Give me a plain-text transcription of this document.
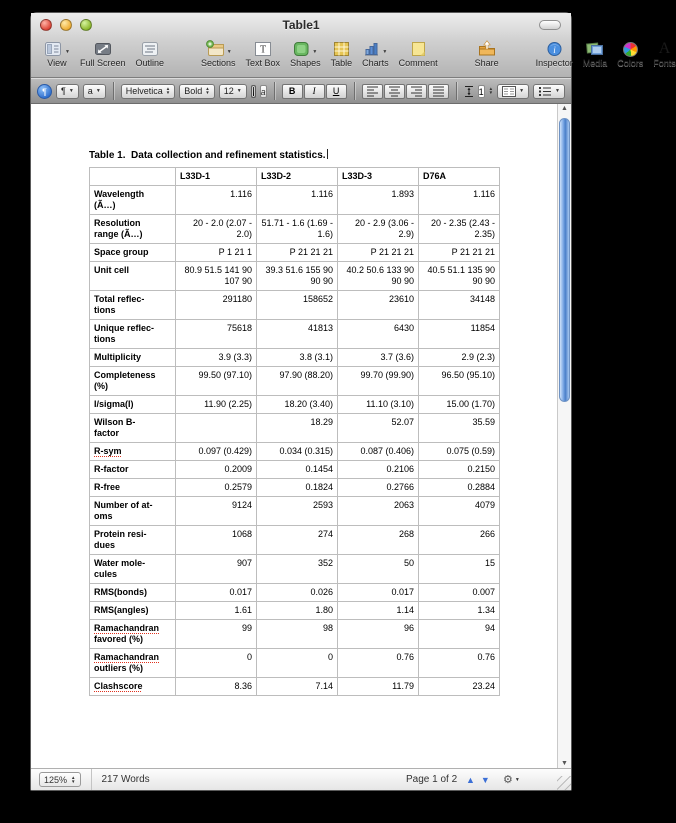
Table1
▼
View Full Screen Outline
▼
Sections
T
Text Box
▼
Shapes Table
▼
Charts Comment	Share
i
Inspector Media Colors
A
Fonts
¶	¶ ▼ a ▼	Helvetica ▲
▼ Bold ▲
▼ 12 ▼ a	B	I	U	1 ▲
▼	▼	▼
Table 1.  Data collection and refinement statistics.
	L33D-1	L33D-2	L33D-3	D76A

Wavelength
(Ã…)	1.116	1.116	1.893	1.116

Resolution
range (Ã…)	20 - 2.0 (2.07 - 2.0)	51.71 - 1.6 (1.69 - 1.6)	20 - 2.9 (3.06 - 2.9)	20 - 2.35 (2.43 - 2.35)

Space group	P 1 21 1	P 21 21 21	P 21 21 21	P 21 21 21

Unit cell	80.9 51.5 141 90 107 90	39.3 51.6 155 90 90 90	40.2 50.6 133 90 90 90	40.5 51.1 135 90 90 90

Total reflec-
tions	291180	158652	23610	34148

Unique reflec-
tions	75618	41813	6430	11854

Multiplicity	3.9 (3.3)	3.8 (3.1)	3.7 (3.6)	2.9 (2.3)

Completeness
(%)	99.50 (97.10)	97.90 (88.20)	99.70 (99.90)	96.50 (95.10)

I/sigma(I)	11.90 (2.25)	18.20 (3.40)	11.10 (3.10)	15.00 (1.70)

Wilson B-
factor		18.29	52.07	35.59

R-sym	0.097 (0.429)	0.034 (0.315)	0.087 (0.406)	0.075 (0.59)

R-factor	0.2009	0.1454	0.2106	0.2150

R-free	0.2579	0.1824	0.2766	0.2884

Number of at-
oms	9124	2593	2063	4079

Protein resi-
dues	1068	274	268	266

Water mole-
cules	907	352	50	15

RMS(bonds)	0.017	0.026	0.017	0.007

RMS(angles)	1.61	1.80	1.14	1.34

Ramachandran
favored (%)	99	98	96	94

Ramachandran
outliers (%)	0	0	0.76	0.76

Clashscore	8.36	7.14	11.79	23.24
▲
▼
125% ▲
▼	217 Words	Page 1 of 2 ▲ ▼ ⚙ ▼
